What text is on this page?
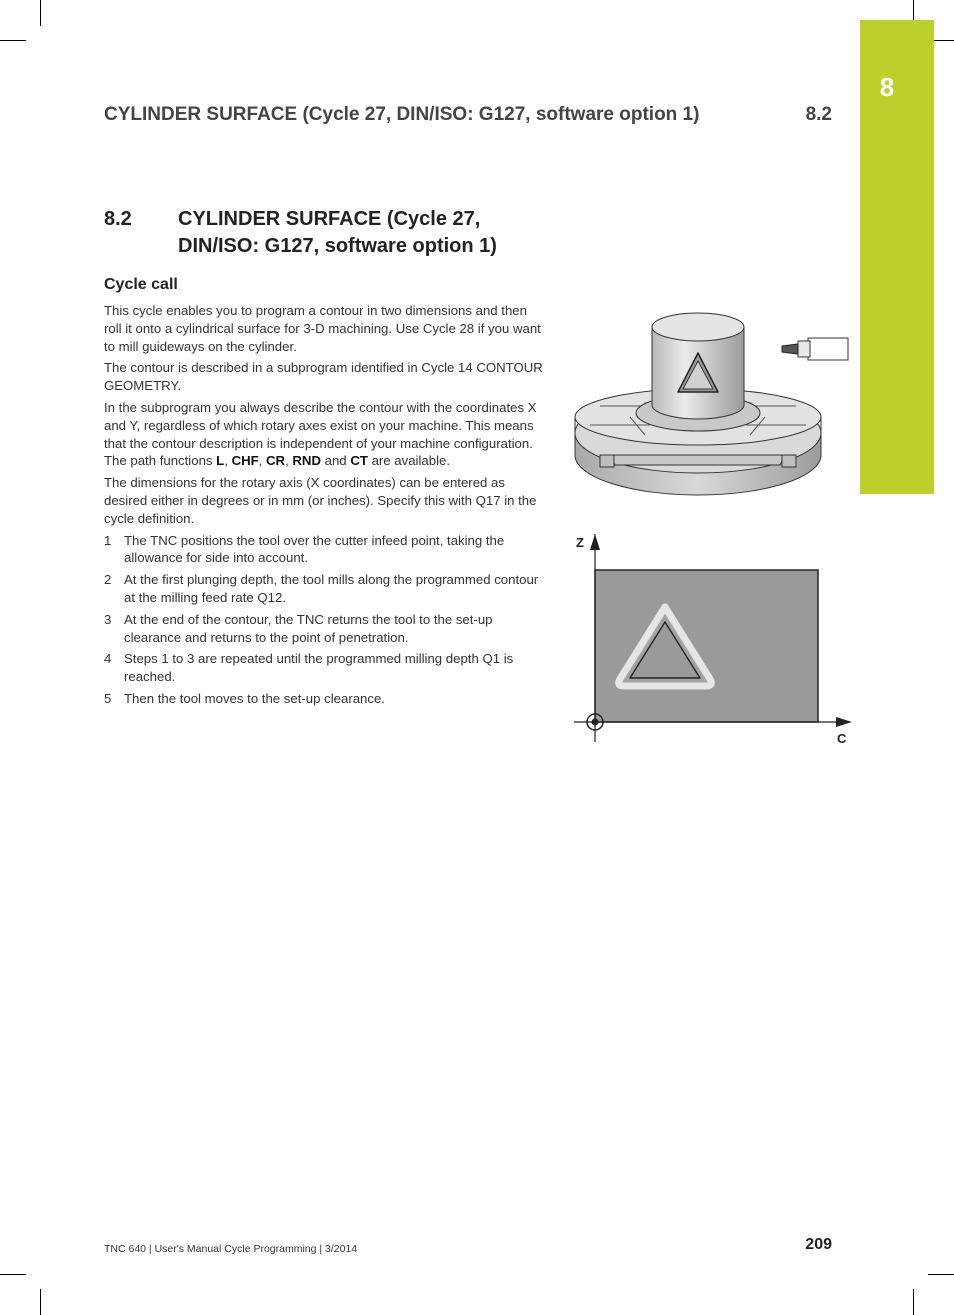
8
CYLINDER SURFACE (Cycle 27, DIN/ISO: G127, software option 1)	8.2
8.2 CYLINDER SURFACE (Cycle 27,
DIN/ISO: G127, software option 1)
Cycle call

This cycle enables you to program a contour in two dimensions and then roll it onto a cylindrical surface for 3-D machining. Use Cycle 28 if you want to mill guideways on the cylinder.

The contour is described in a subprogram identified in Cycle 14 CONTOUR GEOMETRY.

In the subprogram you always describe the contour with the coordinates X and Y, regardless of which rotary axes exist on your machine. This means that the contour description is independent of your machine configuration. The path functions L, CHF, CR, RND and CT are available.

The dimensions for the rotary axis (X coordinates) can be entered as desired either in degrees or in mm (or inches). Specify this with Q17 in the cycle definition.

1 The TNC positions the tool over the cutter infeed point, taking the allowance for side into account.
2 At the first plunging depth, the tool mills along the programmed contour at the milling feed rate Q12.
3 At the end of the contour, the TNC returns the tool to the set-up clearance and returns to the point of penetration.
4 Steps 1 to 3 are repeated until the programmed milling depth Q1 is reached.
5 Then the tool moves to the set-up clearance.
Z
C
TNC 640 | User's Manual Cycle Programming | 3/2014	209
